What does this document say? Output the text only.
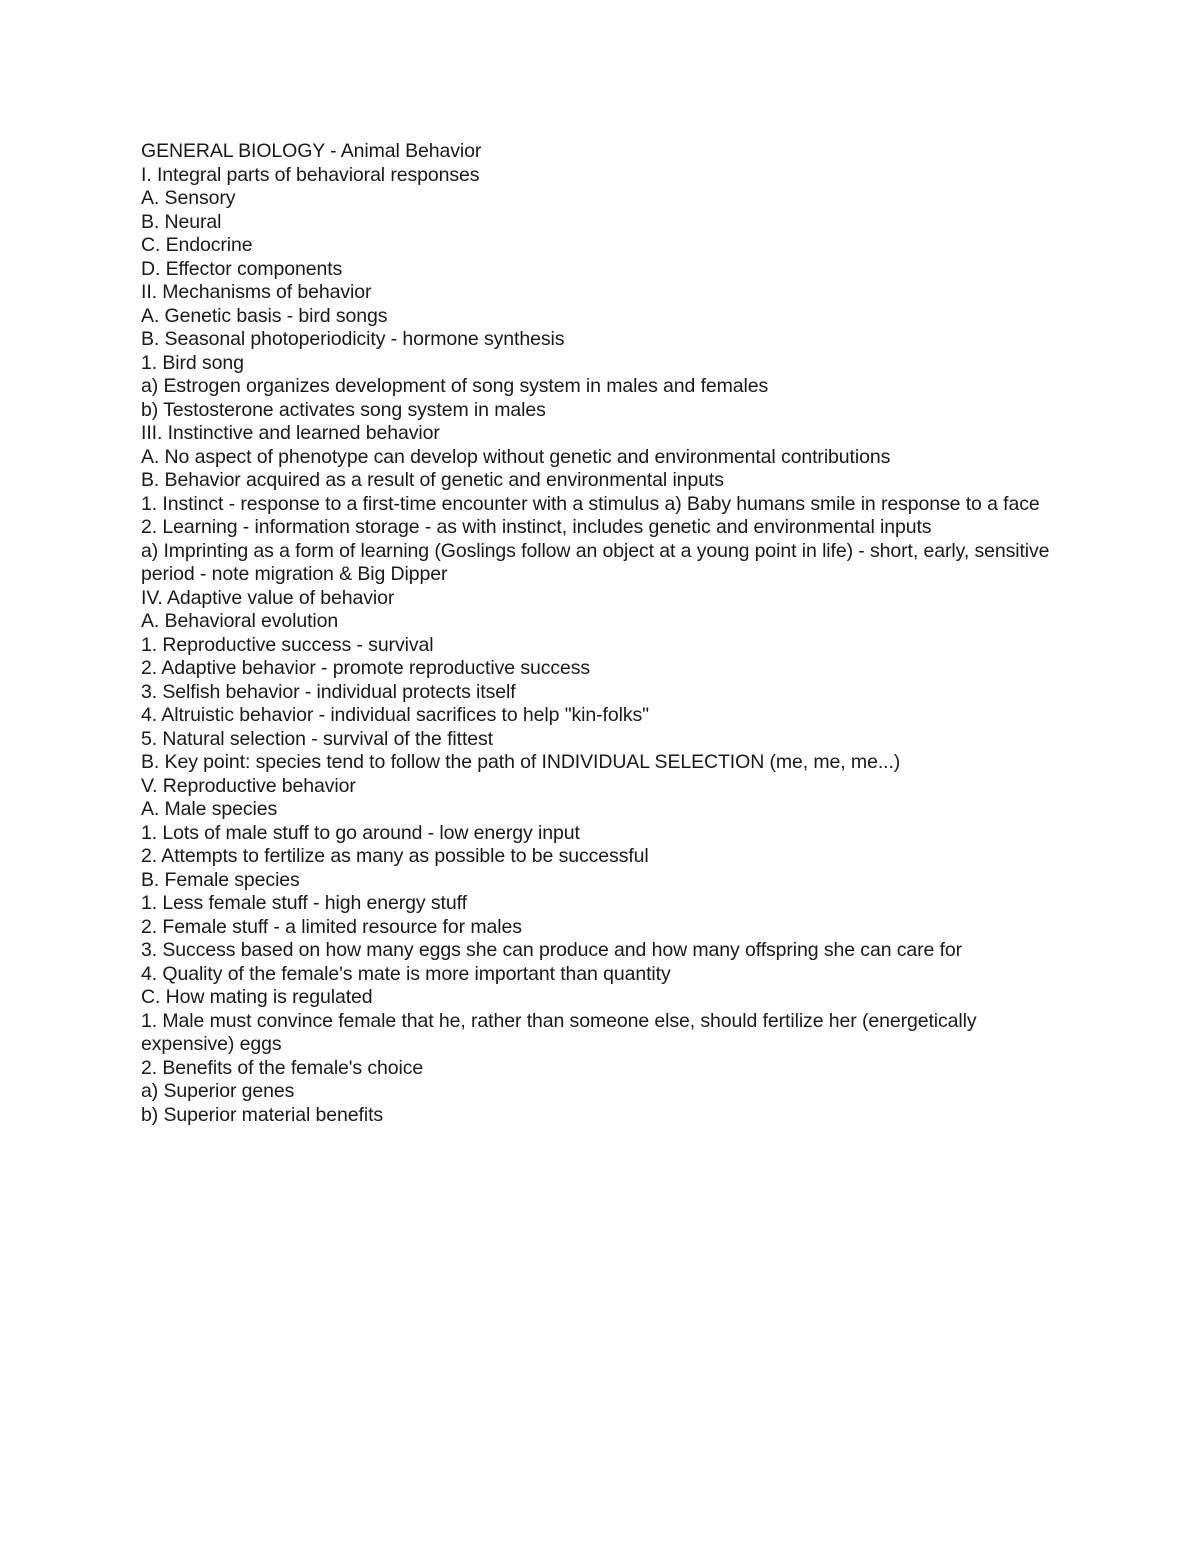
GENERAL BIOLOGY - Animal Behavior

I. Integral parts of behavioral responses

A. Sensory

B. Neural

C. Endocrine

D. Effector components

II. Mechanisms of behavior

A. Genetic basis - bird songs

B. Seasonal photoperiodicity - hormone synthesis

1. Bird song

a) Estrogen organizes development of song system in males and females

b) Testosterone activates song system in males

III. Instinctive and learned behavior

A. No aspect of phenotype can develop without genetic and environmental contributions

B. Behavior acquired as a result of genetic and environmental inputs

1. Instinct - response to a first-time encounter with a stimulus a) Baby humans smile in response to a face

2. Learning - information storage - as with instinct, includes genetic and environmental inputs

a) Imprinting as a form of learning (Goslings follow an object at a young point in life) - short, early, sensitive period - note migration & Big Dipper

IV. Adaptive value of behavior

A. Behavioral evolution

1. Reproductive success - survival

2. Adaptive behavior - promote reproductive success

3. Selfish behavior - individual protects itself

4. Altruistic behavior - individual sacrifices to help "kin-folks"

5. Natural selection - survival of the fittest

B. Key point: species tend to follow the path of INDIVIDUAL SELECTION (me, me, me...)

V. Reproductive behavior

A. Male species

1. Lots of male stuff to go around - low energy input

2. Attempts to fertilize as many as possible to be successful

B. Female species

1. Less female stuff - high energy stuff

2. Female stuff - a limited resource for males

3. Success based on how many eggs she can produce and how many offspring she can care for

4. Quality of the female's mate is more important than quantity

C. How mating is regulated

1. Male must convince female that he, rather than someone else, should fertilize her (energetically expensive) eggs

2. Benefits of the female's choice

a) Superior genes

b) Superior material benefits
